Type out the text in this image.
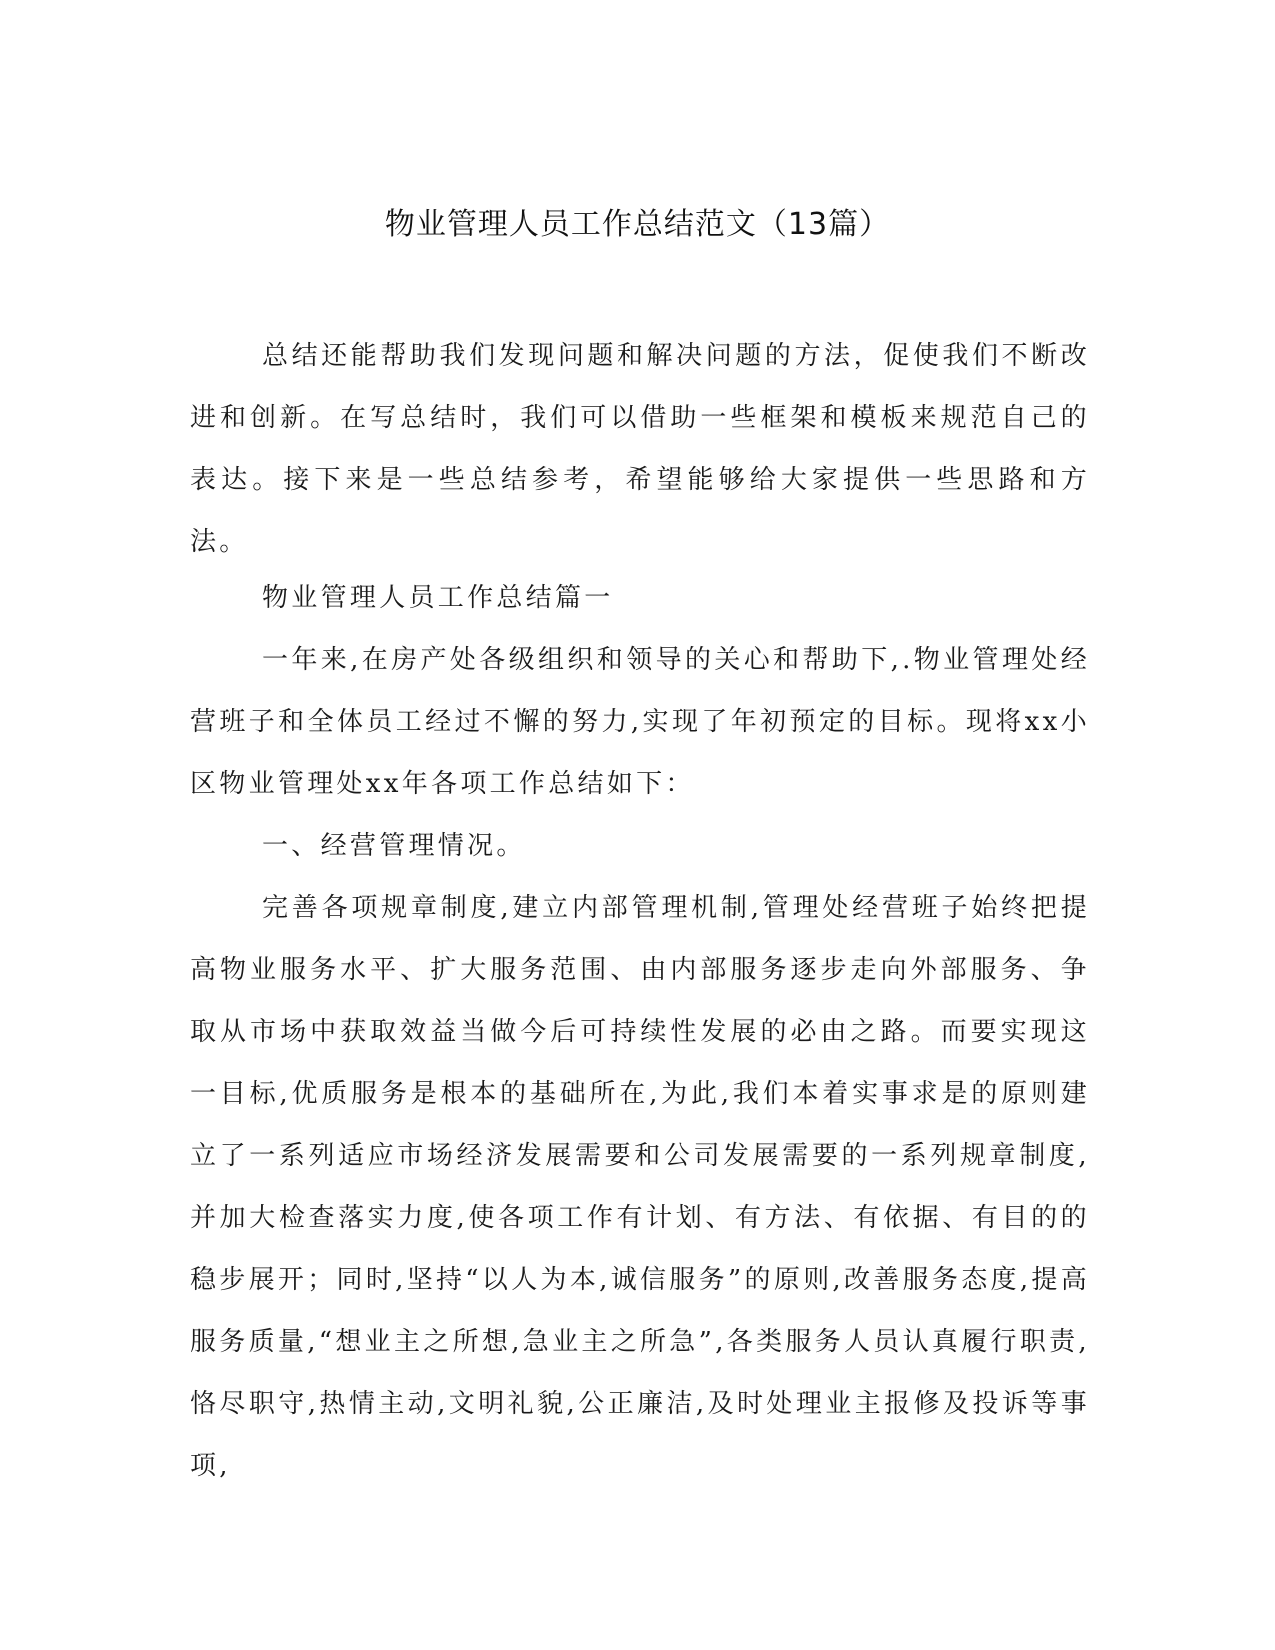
物业管理人员工作总结范文（13篇）

总结还能帮助我们发现问题和解决问题的方法，促使我们不断改进和创新。在写总结时，我们可以借助一些框架和模板来规范自己的表达。接下来是一些总结参考，希望能够给大家提供一些思路和方法。

物业管理人员工作总结篇一

一年来,在房产处各级组织和领导的关心和帮助下,.物业管理处经营班子和全体员工经过不懈的努力,实现了年初预定的目标。现将xx小区物业管理处xx年各项工作总结如下：

一、经营管理情况。

完善各项规章制度,建立内部管理机制,管理处经营班子始终把提高物业服务水平、扩大服务范围、由内部服务逐步走向外部服务、争取从市场中获取效益当做今后可持续性发展的必由之路。而要实现这一目标,优质服务是根本的基础所在,为此,我们本着实事求是的原则建立了一系列适应市场经济发展需要和公司发展需要的一系列规章制度,并加大检查落实力度,使各项工作有计划、有方法、有依据、有目的的稳步展开；同时,坚持“以人为本,诚信服务”的原则,改善服务态度,提高服务质量,“想业主之所想,急业主之所急”,各类服务人员认真履行职责,恪尽职守,热情主动,文明礼貌,公正廉洁,及时处理业主报修及投诉等事项,
